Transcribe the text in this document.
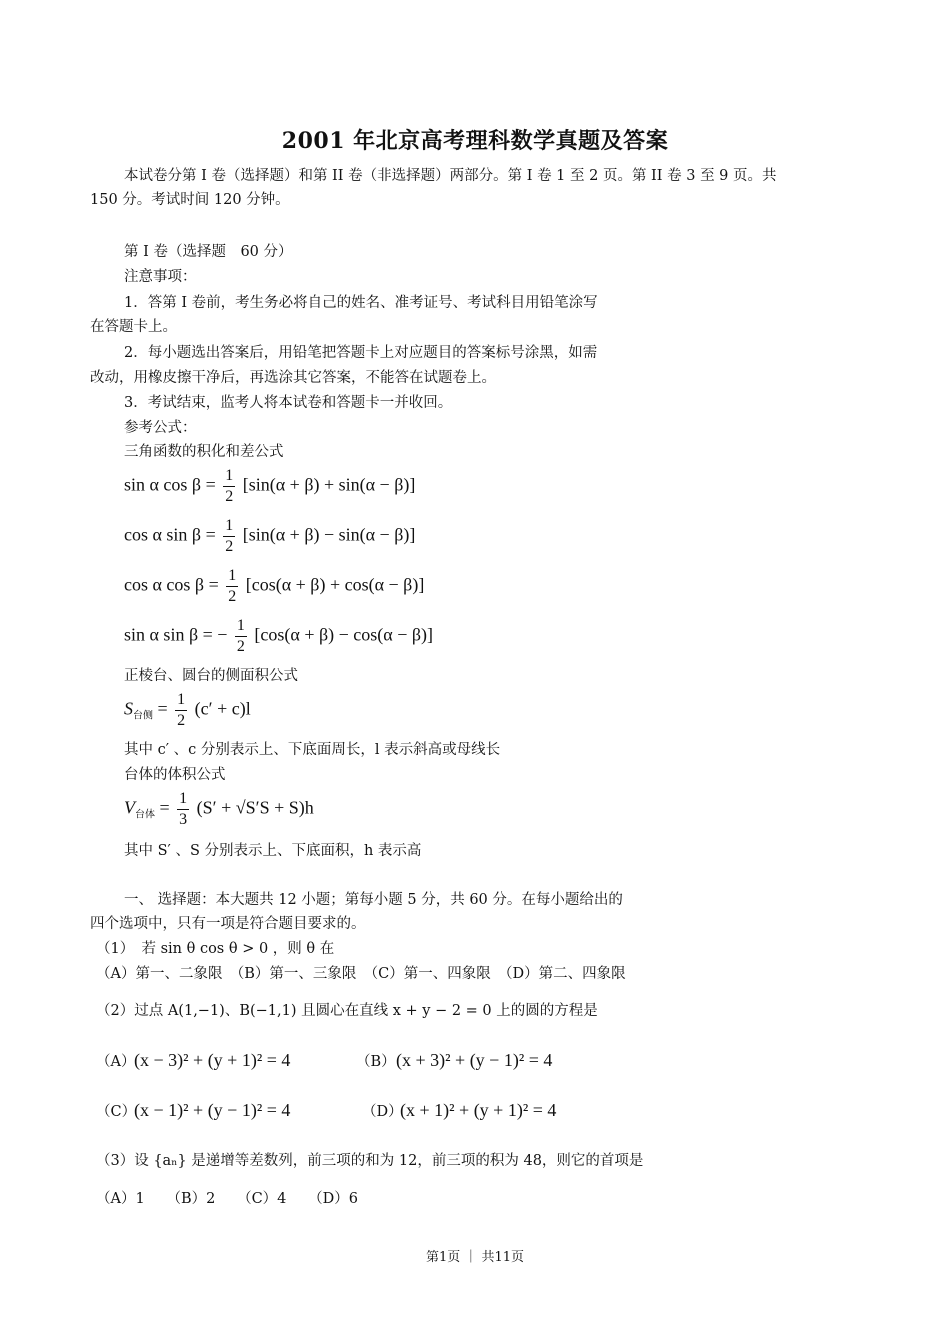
2001 年北京高考理科数学真题及答案
本试卷分第 I 卷（选择题）和第 II 卷（非选择题）两部分。第 I 卷 1 至 2 页。第 II 卷 3 至 9 页。共
150 分。考试时间 120 分钟。
第 I 卷（选择题　60 分）
注意事项：
1．答第 I 卷前，考生务必将自己的姓名、准考证号、考试科目用铅笔涂写
在答题卡上。
2．每小题选出答案后，用铅笔把答题卡上对应题目的答案标号涂黑，如需
改动，用橡皮擦干净后，再选涂其它答案，不能答在试题卷上。
3．考试结束，监考人将本试卷和答题卡一并收回。
参考公式：
三角函数的积化和差公式
sin α $\cos \beta = \frac{1}{2} [\sin(\alpha + \beta) + \sin(\alpha - \beta)]$
cos α $\sin \beta = \frac{1}{2} [\sin(\alpha + \beta) - \sin(\alpha - \beta)]$
cos α $\cos \beta = \frac{1}{2} [\cos(\alpha + \beta) + \cos(\alpha - \beta)]$
sin α sin β = − $\frac{1}{2} [\cos(\alpha + \beta) - \cos(\alpha - \beta)]$
正棱台、圆台的侧面积公式
$S_{台侧} = \frac{1}{2} (c' + c)l$
其中 c′ 、c 分别表示上、下底面周长，l 表示斜高或母线长
台体的体积公式
$V_{台体} = \frac{1}{3} (S' + √S'S + S)h$
其中 S′ 、S 分别表示上、下底面积，h 表示高
一、 选择题：本大题共 12 小题；第每小题 5 分，共 60 分。在每小题给出的
四个选项中，只有一项是符合题目要求的。
（1）　若 sin θ cos θ > 0 ，则 θ 在
（A）第一、二象限　（B）第一、三象限　（C）第一、四象限　（D）第二、四象限
（2）过点 A(1,−1)、B(−1,1) 且圆心在直线 x + y − 2 = 0 上的圆的方程是
（A）
(x − 3)² + (y + 1)² = 4	（B） (x + 3)² + (y − 1)² = 4
（C）
(x − 1)² + (y − 1)² = 4	（D）
(x + 1)² + (y + 1)² = 4
（3）设 {aₙ} 是递增等差数列，前三项的和为 12，前三项的积为 48，则它的首项是
（A）1　　（B）2　　（C）4　　（D）6
第1页 ｜ 共11页
